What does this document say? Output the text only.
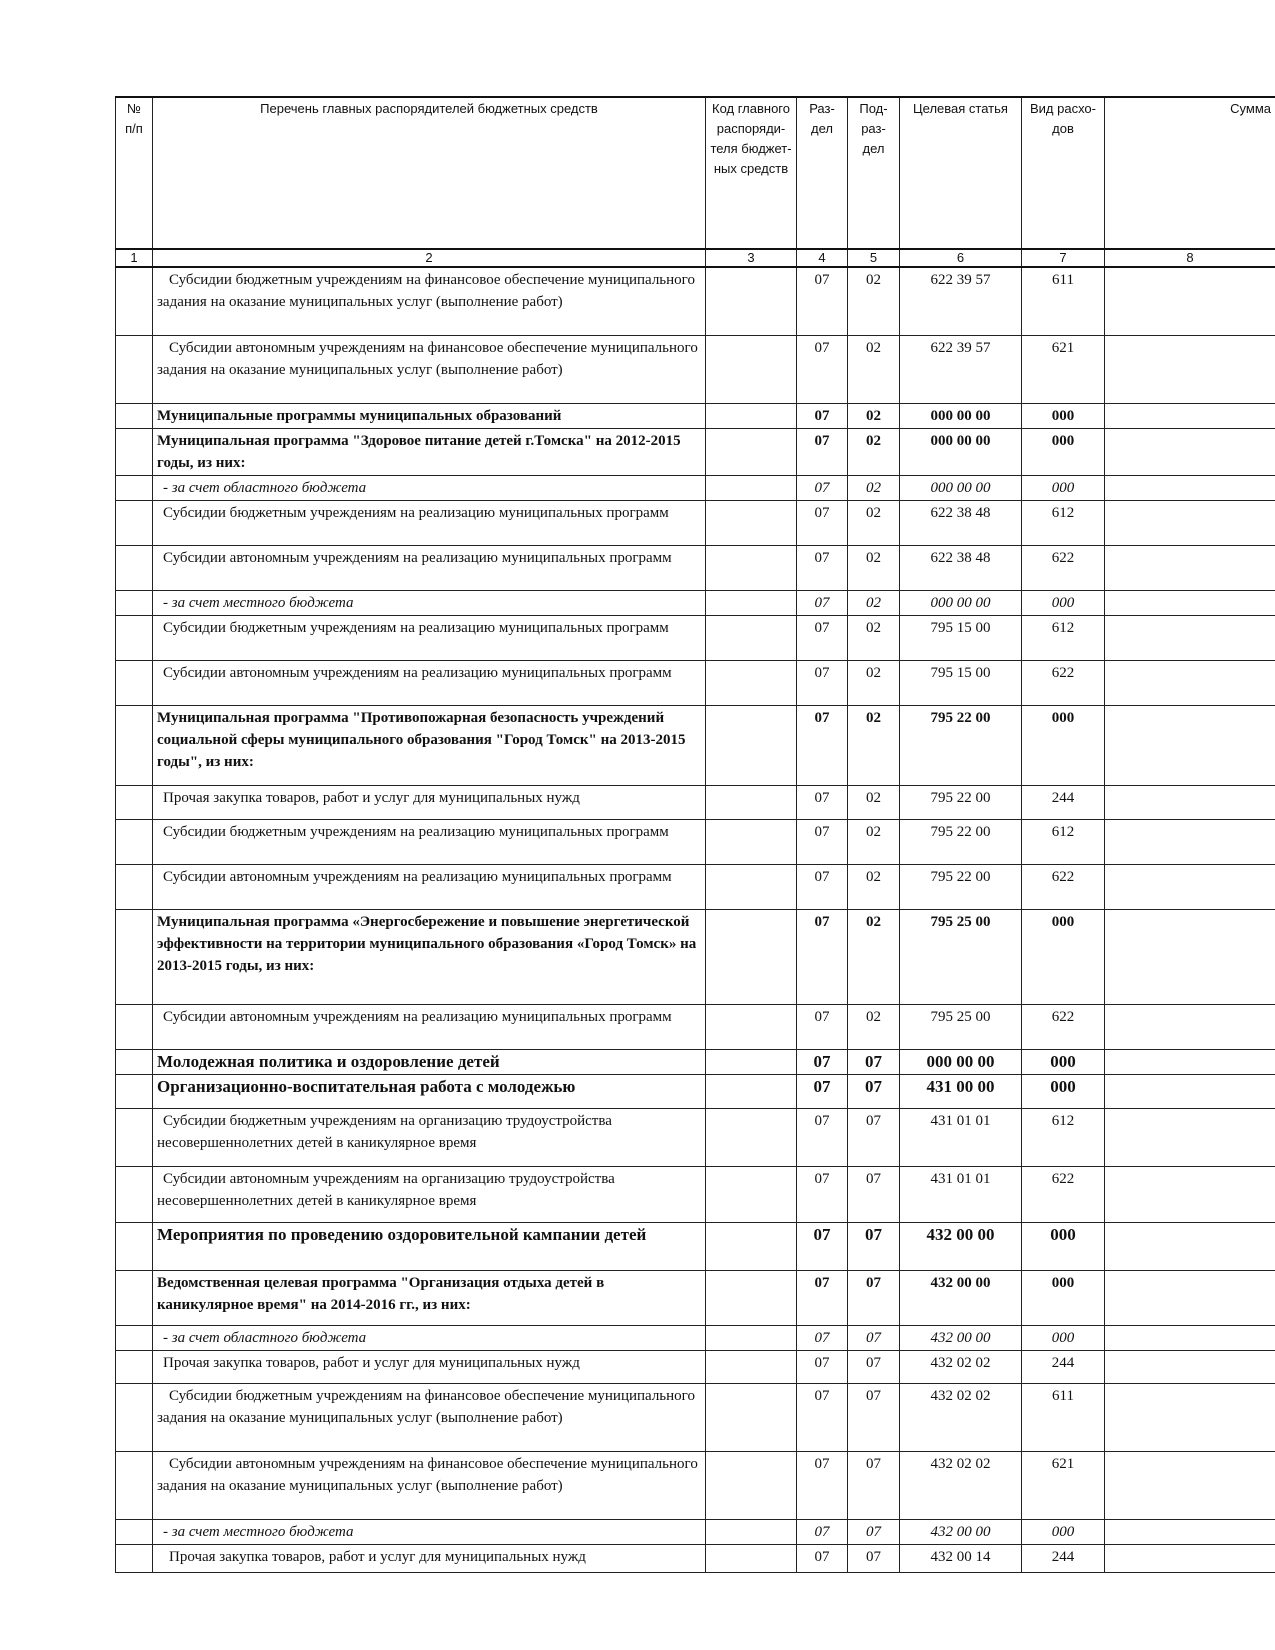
№ п/п	Перечень главных распорядителей бюджетных средств	Код главного распоряди-теля бюджет-ных средств	Раз-дел	Под-раз-дел	Целевая статья	Вид расхо-дов	Сумма
1	2	3	4	5	6	7	8
	Субсидии бюджетным учреждениям на финансовое обеспечение муниципального задания на оказание муниципальных услуг (выполнение работ)		07	02	622 39 57	611	
	Субсидии автономным учреждениям на финансовое обеспечение муниципального задания на оказание муниципальных услуг (выполнение работ)		07	02	622 39 57	621	
	Муниципальные программы муниципальных образований		07	02	000 00 00	000	
	Муниципальная программа "Здоровое питание детей г.Томска" на 2012-2015 годы, из них:		07	02	000 00 00	000	
	- за счет областного бюджета		07	02	000 00 00	000	
	Субсидии бюджетным учреждениям на реализацию муниципальных программ		07	02	622 38 48	612	
	Субсидии автономным учреждениям на реализацию муниципальных программ		07	02	622 38 48	622	
	- за счет местного бюджета		07	02	000 00 00	000	
	Субсидии бюджетным учреждениям на реализацию муниципальных программ		07	02	795 15 00	612	
	Субсидии автономным учреждениям на реализацию муниципальных программ		07	02	795 15 00	622	
	Муниципальная программа "Противопожарная безопасность учреждений социальной сферы муниципального образования "Город Томск" на 2013-2015 годы", из них:		07	02	795 22 00	000	
	Прочая закупка товаров, работ и услуг для муниципальных нужд		07	02	795 22 00	244	
	Субсидии бюджетным учреждениям на реализацию муниципальных программ		07	02	795 22 00	612	
	Субсидии автономным учреждениям на реализацию муниципальных программ		07	02	795 22 00	622	
	Муниципальная программа «Энергосбережение и повышение энергетической эффективности на территории муниципального образования «Город Томск» на 2013-2015 годы, из них:		07	02	795 25 00	000	
	Субсидии автономным учреждениям на реализацию муниципальных программ		07	02	795 25 00	622	
	Молодежная политика и оздоровление детей		07	07	000 00 00	000	
	Организационно-воспитательная работа с молодежью		07	07	431 00 00	000	
	Субсидии бюджетным учреждениям на организацию трудоустройства несовершеннолетних детей в каникулярное время		07	07	431 01 01	612	
	Субсидии автономным учреждениям на организацию трудоустройства несовершеннолетних детей в каникулярное время		07	07	431 01 01	622	
	Мероприятия по проведению оздоровительной кампании детей		07	07	432 00 00	000	
	Ведомственная целевая программа "Организация отдыха детей в каникулярное время" на 2014-2016 гг., из них:		07	07	432 00 00	000	
	- за счет областного бюджета		07	07	432 00 00	000	
	Прочая закупка товаров, работ и услуг для муниципальных нужд		07	07	432 02 02	244	
	Субсидии бюджетным учреждениям на финансовое обеспечение муниципального задания на оказание муниципальных услуг (выполнение работ)		07	07	432 02 02	611	
	Субсидии автономным учреждениям на финансовое обеспечение муниципального задания на оказание муниципальных услуг (выполнение работ)		07	07	432 02 02	621	
	- за счет местного бюджета		07	07	432 00 00	000	
	Прочая закупка товаров, работ и услуг для муниципальных нужд		07	07	432 00 14	244	
